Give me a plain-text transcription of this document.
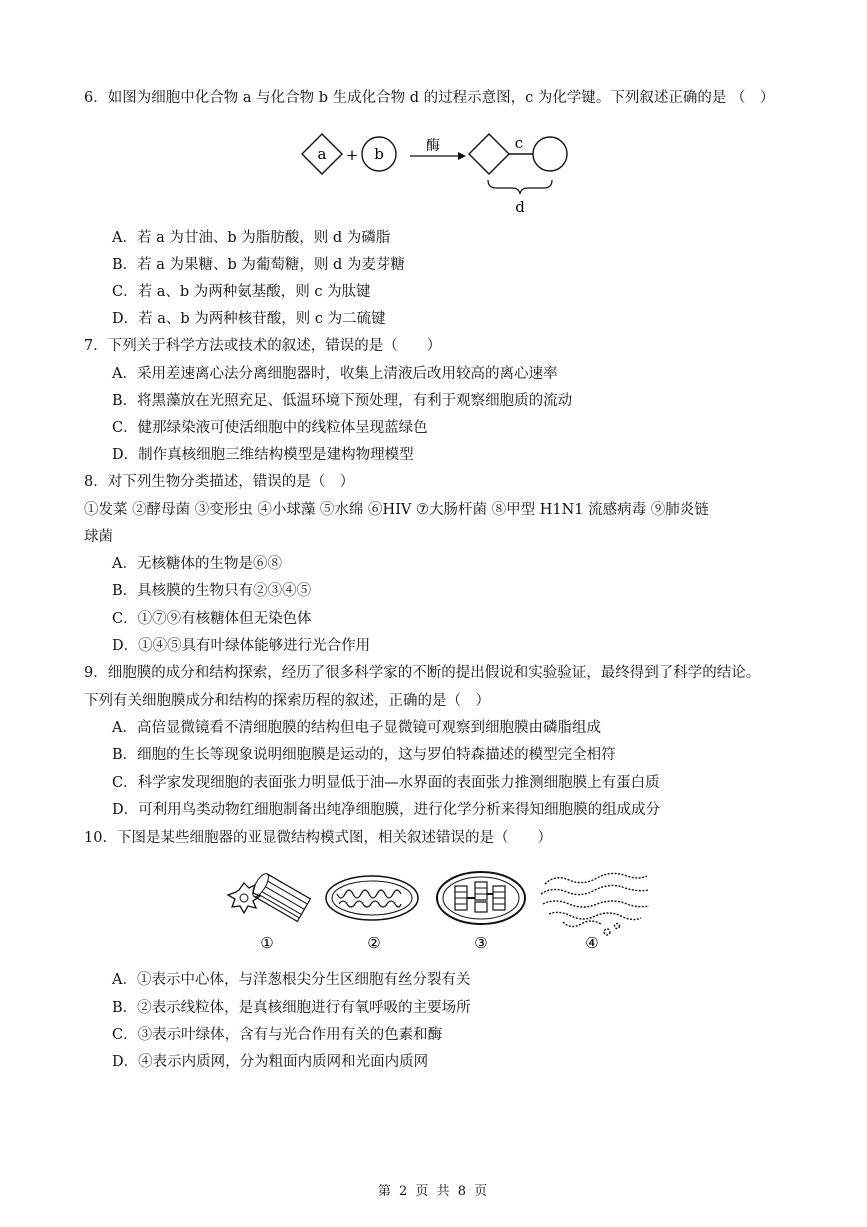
6．如图为细胞中化合物 a 与化合物 b 生成化合物 d 的过程示意图，c 为化学键。下列叙述正确的是 （　）
a + b	酶	c
d
A．若 a 为甘油、b 为脂肪酸，则 d 为磷脂
B．若 a 为果糖、b 为葡萄糖，则 d 为麦芽糖
C．若 a、b 为两种氨基酸，则 c 为肽键
D．若 a、b 为两种核苷酸，则 c 为二硫键
7．下列关于科学方法或技术的叙述，错误的是（　　）
A．采用差速离心法分离细胞器时，收集上清液后改用较高的离心速率
B．将黑藻放在光照充足、低温环境下预处理，有利于观察细胞质的流动
C．健那绿染液可使活细胞中的线粒体呈现蓝绿色
D．制作真核细胞三维结构模型是建构物理模型
8．对下列生物分类描述，错误的是（　）
①发菜 ②酵母菌 ③变形虫 ④小球藻 ⑤水绵 ⑥HIV ⑦大肠杆菌 ⑧甲型 H1N1 流感病毒 ⑨肺炎链
球菌
A．无核糖体的生物是⑥⑧
B．具核膜的生物只有②③④⑤
C．①⑦⑨有核糖体但无染色体
D．①④⑤具有叶绿体能够进行光合作用
9．细胞膜的成分和结构探索，经历了很多科学家的不断的提出假说和实验验证，最终得到了科学的结论。
下列有关细胞膜成分和结构的探索历程的叙述，正确的是（　）
A．高倍显微镜看不清细胞膜的结构但电子显微镜可观察到细胞膜由磷脂组成
B．细胞的生长等现象说明细胞膜是运动的，这与罗伯特森描述的模型完全相符
C．科学家发现细胞的表面张力明显低于油—水界面的表面张力推测细胞膜上有蛋白质
D．可利用鸟类动物红细胞制备出纯净细胞膜，进行化学分析来得知细胞膜的组成成分
10．下图是某些细胞器的亚显微结构模式图，相关叙述错误的是（　　）
①	②	③	④
A．①表示中心体，与洋葱根尖分生区细胞有丝分裂有关
B．②表示线粒体，是真核细胞进行有氧呼吸的主要场所
C．③表示叶绿体，含有与光合作用有关的色素和酶
D．④表示内质网，分为粗面内质网和光面内质网
第 2 页 共 8 页
